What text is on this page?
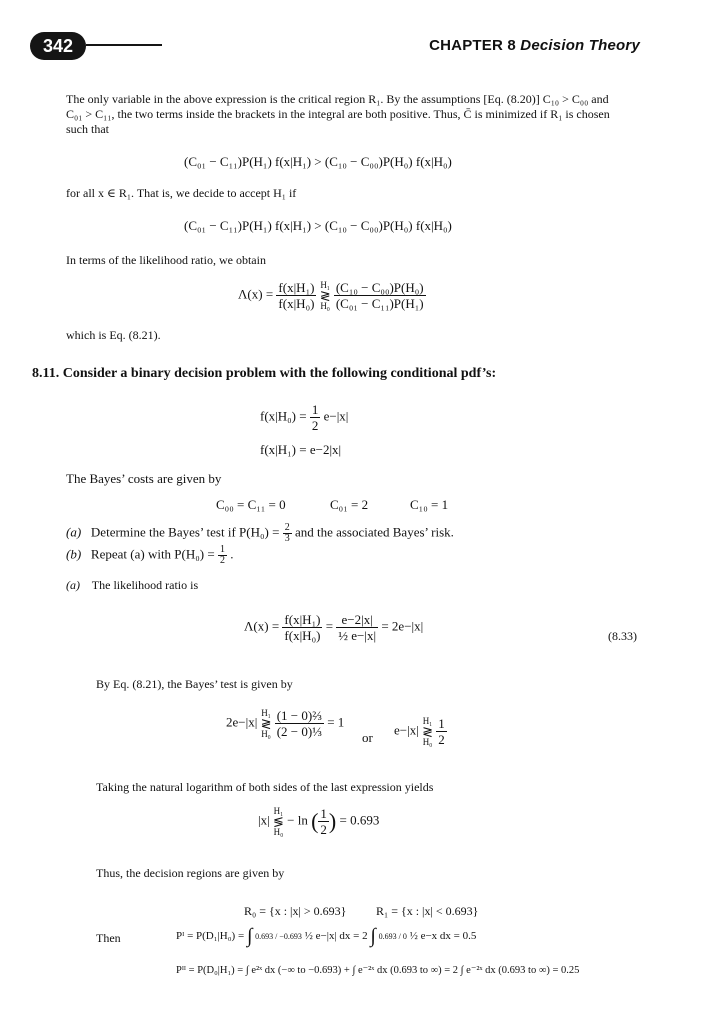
342	CHAPTER 8 Decision Theory
The only variable in the above expression is the critical region R₁. By the assumptions [Eq. (8.20)] C₁₀ > C₀₀ and
C₀₁ > C₁₁, the two terms inside the brackets in the integral are both positive. Thus, C̄ is minimized if R₁ is chosen
such that
(C₀₁ − C₁₁)P(H₁) f(x|H₁) > (C₁₀ − C₀₀)P(H₀) f(x|H₀)
for all x ∈ R₁. That is, we decide to accept H₁ if
(C₀₁ − C₁₁)P(H₁) f(x|H₁) > (C₁₀ − C₀₀)P(H₀) f(x|H₀)
In terms of the likelihood ratio, we obtain
$\Lambda(x) = \frac{\text{f(x|H₁)}}{\text{f(x|H₀)}}$
H₁
≷
H₀
$\frac{\text{(C₁₀ − C₀₀)P(H₀)}}{\text{(C₀₁ − C₁₁)P(H₁)}}$
which is Eq. (8.21).
8.11. Consider a binary decision problem with the following conditional pdf’s:
$f(x|H_0) = \frac{1}{2} e-|x|$
f(x|H₁) = e−2|x|
The Bayes’ costs are given by
C₀₀ = C₁₁ = 0	C₀₁ = 2	C₁₀ = 1
(a) Determine the Bayes’ test if $P(H_0) = \frac{2}{3}$ and the associated Bayes’ risk.
(b) Repeat (a) with $P(H_0) = \frac{1}{2}$ .
(a) The likelihood ratio is
$\Lambda(x) = \frac{\text{f(x|H₁)}}{\text{f(x|H₀)}} = \frac{e-2|x|}{\text{½ e−|x|}} = 2e-|x|$
(8.33)
By Eq. (8.21), the Bayes’ test is given by
2e−|x|
H₁
≷
H₀
$\frac{\text{(1 − 0)⅔}}{\text{(2 − 0)⅓}} = 1$
or
e−|x|
H₁
≷
H₀
$\frac{1}{2}$
Taking the natural logarithm of both sides of the last expression yields
|x|
H₁
≶
H₀
− ln ( $\frac{1}{2}$ ) = 0.693
Thus, the decision regions are given by
R₀ = {x : |x| > 0.693} R₁ = {x : |x| < 0.693}
Then	Pᴵ = P(D₁|H₀) = ∫ 0.693 / −0.693 ½ e−|x| dx = 2 ∫ 0.693 / 0 ½ e−x dx = 0.5
Pᴵᴵ = P(D₀|H₁) = ∫ e²ˣ dx (−∞ to −0.693) + ∫ e⁻²ˣ dx (0.693 to ∞) = 2 ∫ e⁻²ˣ dx (0.693 to ∞) = 0.25
